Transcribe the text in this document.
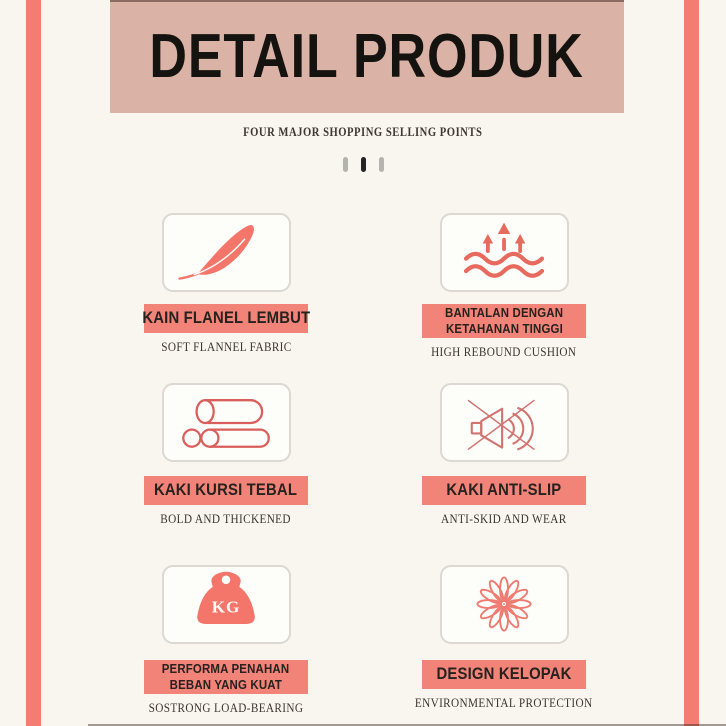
DETAIL PRODUK
FOUR MAJOR SHOPPING SELLING POINTS
KAIN FLANEL LEMBUT
SOFT FLANNEL FABRIC
BANTALAN DENGAN
KETAHANAN TINGGI
HIGH REBOUND CUSHION
KAKI KURSI TEBAL
BOLD AND THICKENED
KAKI ANTI-SLIP
ANTI-SKID AND WEAR
KG
PERFORMA PENAHAN
BEBAN YANG KUAT
SOSTRONG LOAD-BEARING
DESIGN KELOPAK
ENVIRONMENTAL PROTECTION
